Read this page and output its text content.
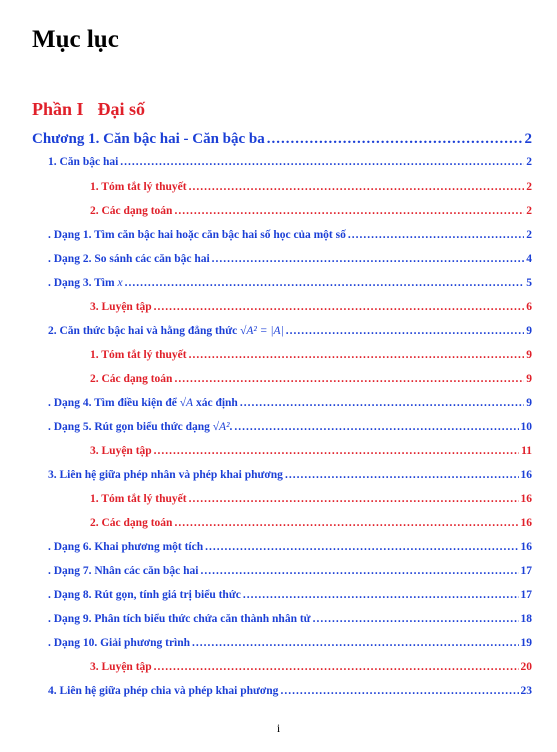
Mục lục
Phần I Đại số
Chương 1. Căn bậc hai - Căn bậc ba .....	2
1. Căn bậc hai .....	2
1. Tóm tắt lý thuyết .....	2
2. Các dạng toán .....	2
. Dạng 1. Tìm căn bậc hai hoặc căn bậc hai số học của một số .....	2
. Dạng 2. So sánh các căn bậc hai .....	4
. Dạng 3. Tìm x .....	5
3. Luyện tập .....	6
2. Căn thức bậc hai và hằng đẳng thức √A² = |A| .....	9
1. Tóm tắt lý thuyết .....	9
2. Các dạng toán .....	9
. Dạng 4. Tìm điều kiện để √A xác định .....	9
. Dạng 5. Rút gọn biểu thức dạng √A². .....	10
3. Luyện tập .....	11
3. Liên hệ giữa phép nhân và phép khai phương .....	16
1. Tóm tắt lý thuyết .....	16
2. Các dạng toán .....	16
. Dạng 6. Khai phương một tích .....	16
. Dạng 7. Nhân các căn bậc hai .....	17
. Dạng 8. Rút gọn, tính giá trị biểu thức .....	17
. Dạng 9. Phân tích biểu thức chứa căn thành nhân tử .....	18
. Dạng 10. Giải phương trình .....	19
3. Luyện tập .....	20
4. Liên hệ giữa phép chia và phép khai phương .....	23
i
